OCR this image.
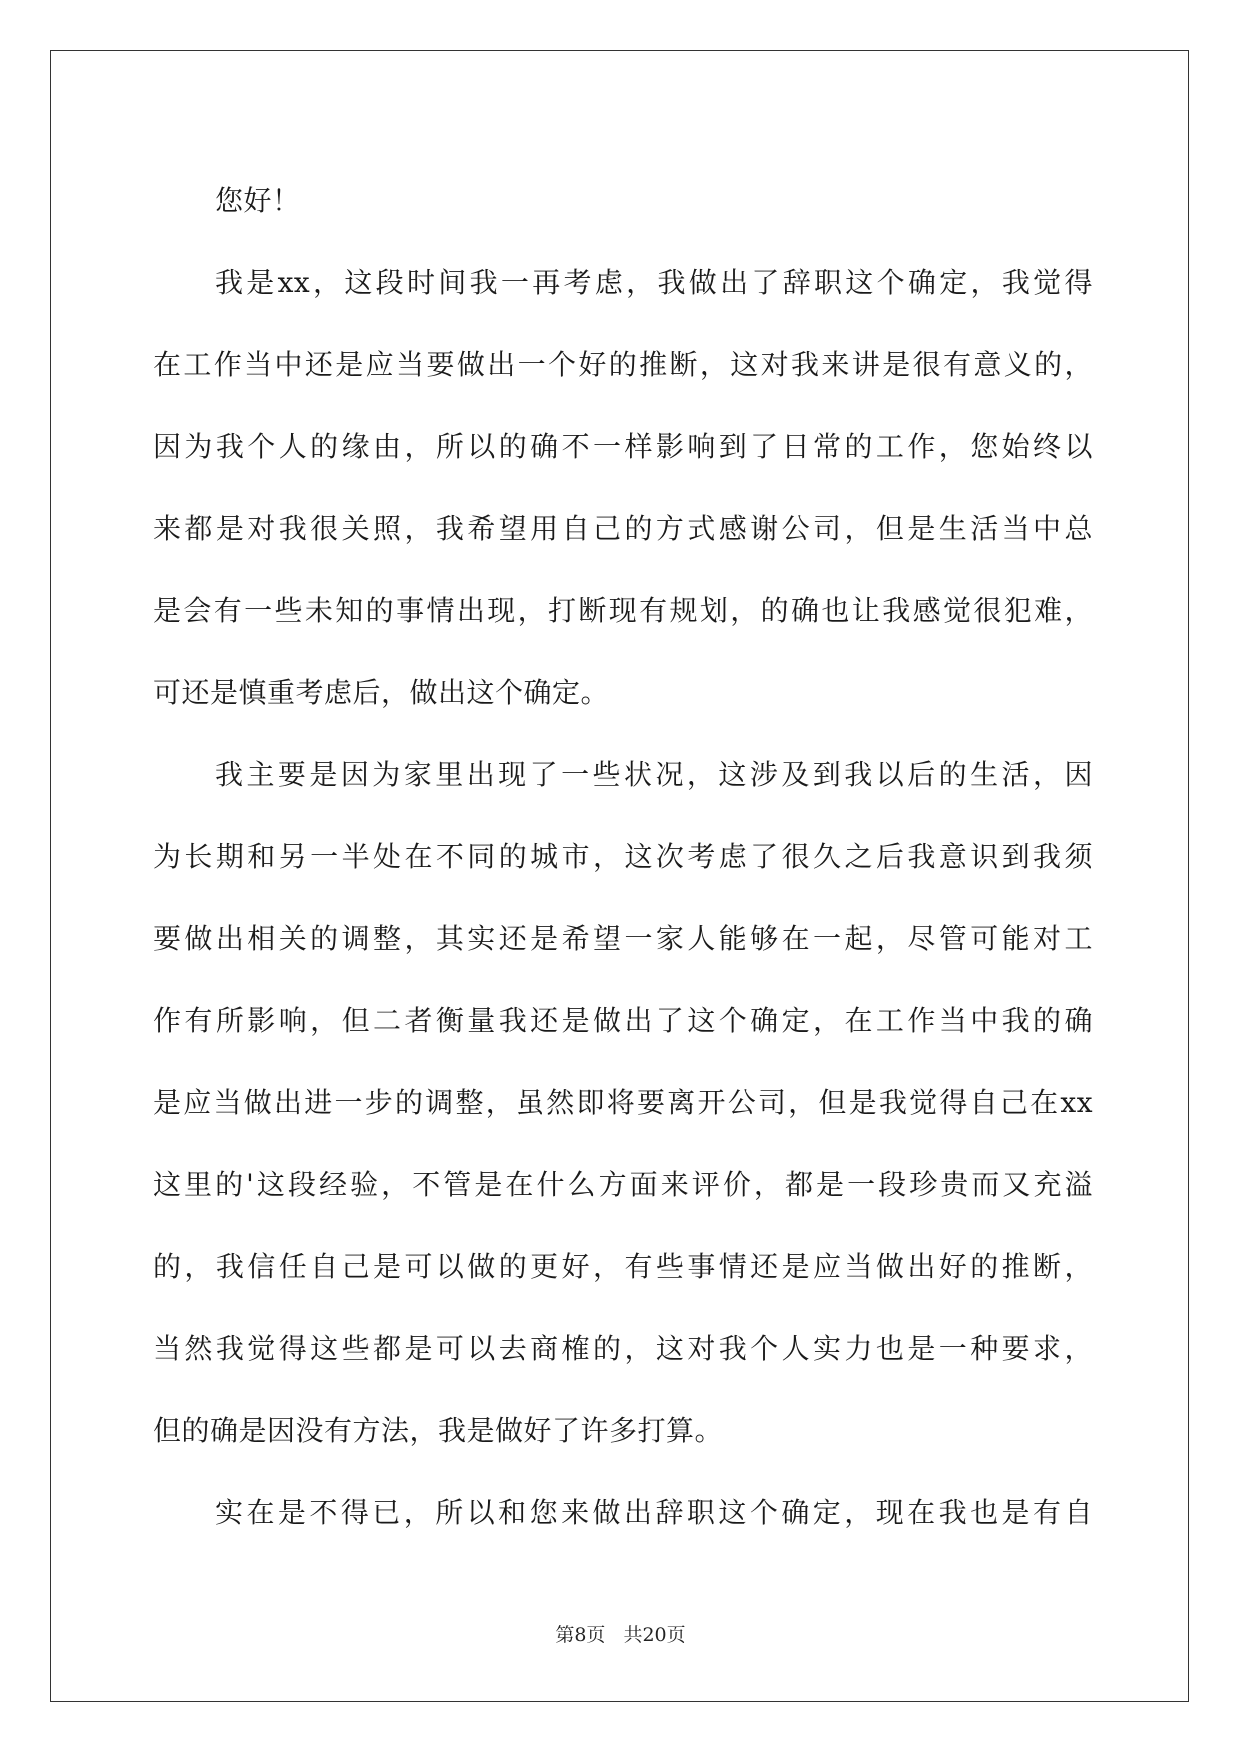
您好！

我是xx，这段时间我一再考虑，我做出了辞职这个确定，我觉得
在工作当中还是应当要做出一个好的推断，这对我来讲是很有意义的，
因为我个人的缘由，所以的确不一样影响到了日常的工作，您始终以
来都是对我很关照，我希望用自己的方式感谢公司，但是生活当中总
是会有一些未知的事情出现，打断现有规划，的确也让我感觉很犯难，
可还是慎重考虑后，做出这个确定。

我主要是因为家里出现了一些状况，这涉及到我以后的生活，因
为长期和另一半处在不同的城市，这次考虑了很久之后我意识到我须
要做出相关的调整，其实还是希望一家人能够在一起，尽管可能对工
作有所影响，但二者衡量我还是做出了这个确定，在工作当中我的确
是应当做出进一步的调整，虽然即将要离开公司，但是我觉得自己在xx
这里的'这段经验，不管是在什么方面来评价，都是一段珍贵而又充溢
的，我信任自己是可以做的更好，有些事情还是应当做出好的推断，
当然我觉得这些都是可以去商榷的，这对我个人实力也是一种要求，
但的确是因没有方法，我是做好了许多打算。

实在是不得已，所以和您来做出辞职这个确定，现在我也是有自

第8页 共20页
